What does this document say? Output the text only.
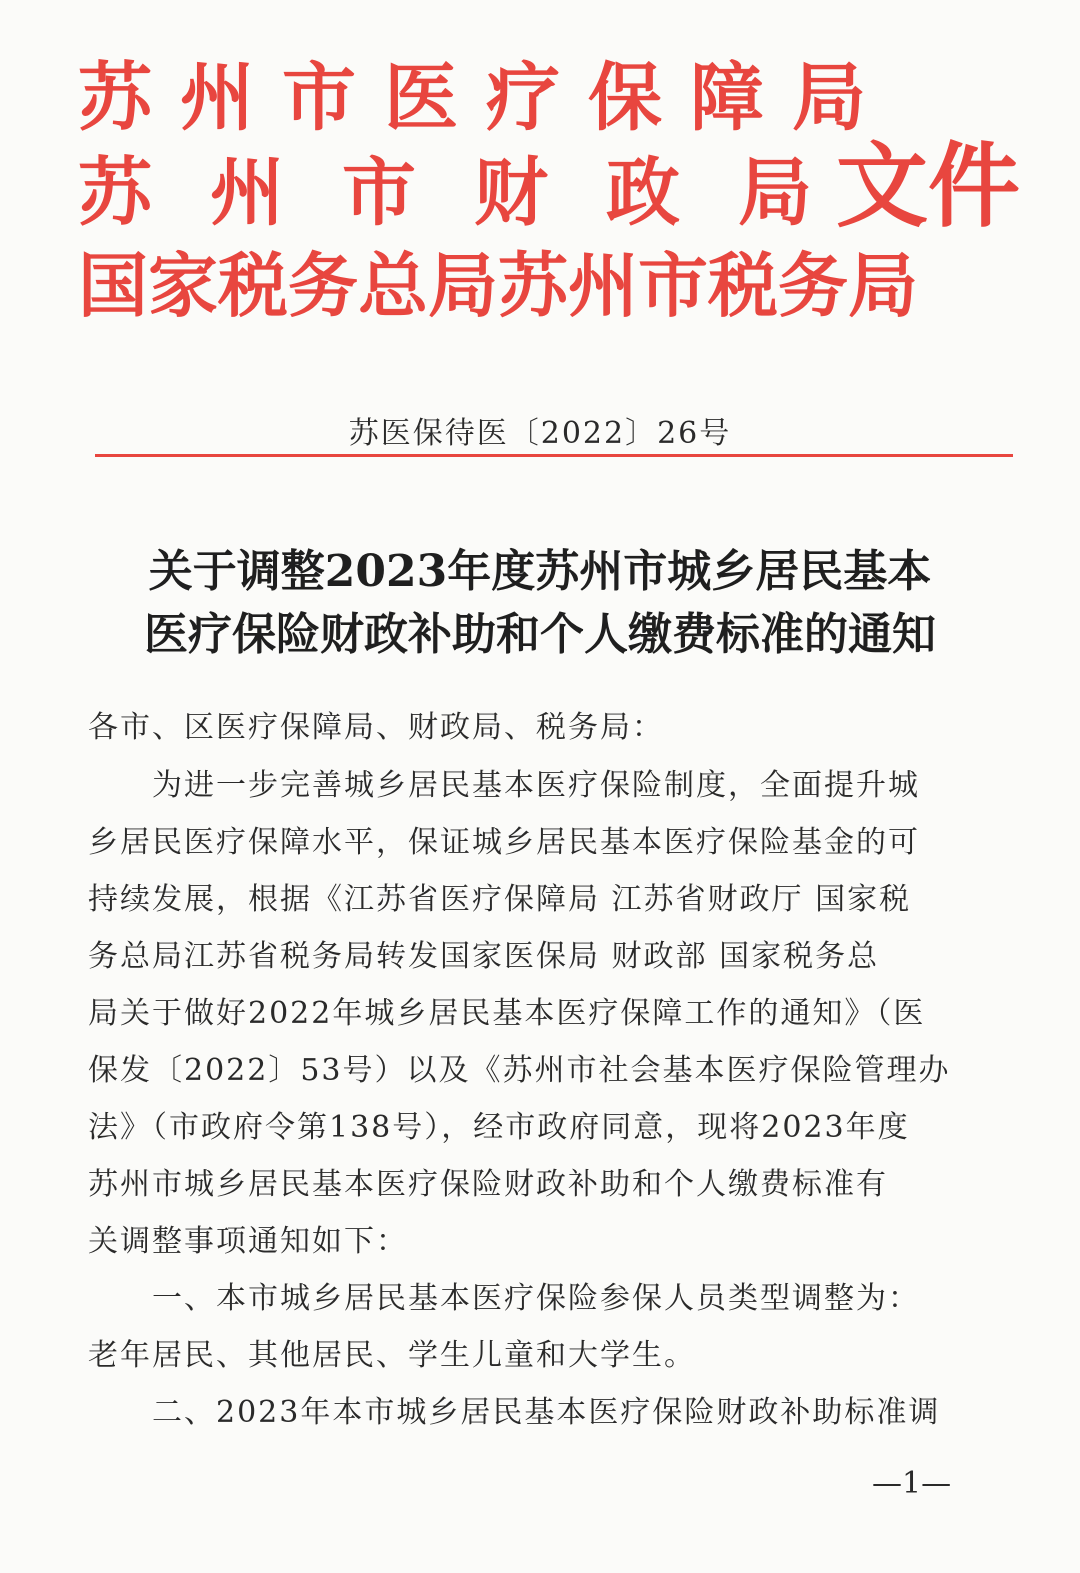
苏州市医疗保障局
苏州市财政局
国家税务总局苏州市税务局
文件
苏医保待医〔2022〕26号
关于调整2023年度苏州市城乡居民基本
医疗保险财政补助和个人缴费标准的通知
各市、区医疗保障局、财政局、税务局：
　　为进一步完善城乡居民基本医疗保险制度，全面提升城
乡居民医疗保障水平，保证城乡居民基本医疗保险基金的可
持续发展，根据《江苏省医疗保障局 江苏省财政厅 国家税
务总局江苏省税务局转发国家医保局 财政部 国家税务总
局关于做好2022年城乡居民基本医疗保障工作的通知》（医
保发〔2022〕53号）以及《苏州市社会基本医疗保险管理办
法》（市政府令第138号），经市政府同意，现将2023年度
苏州市城乡居民基本医疗保险财政补助和个人缴费标准有
关调整事项通知如下：
　　一、本市城乡居民基本医疗保险参保人员类型调整为：
老年居民、其他居民、学生儿童和大学生。
　　二、2023年本市城乡居民基本医疗保险财政补助标准调
—1—
